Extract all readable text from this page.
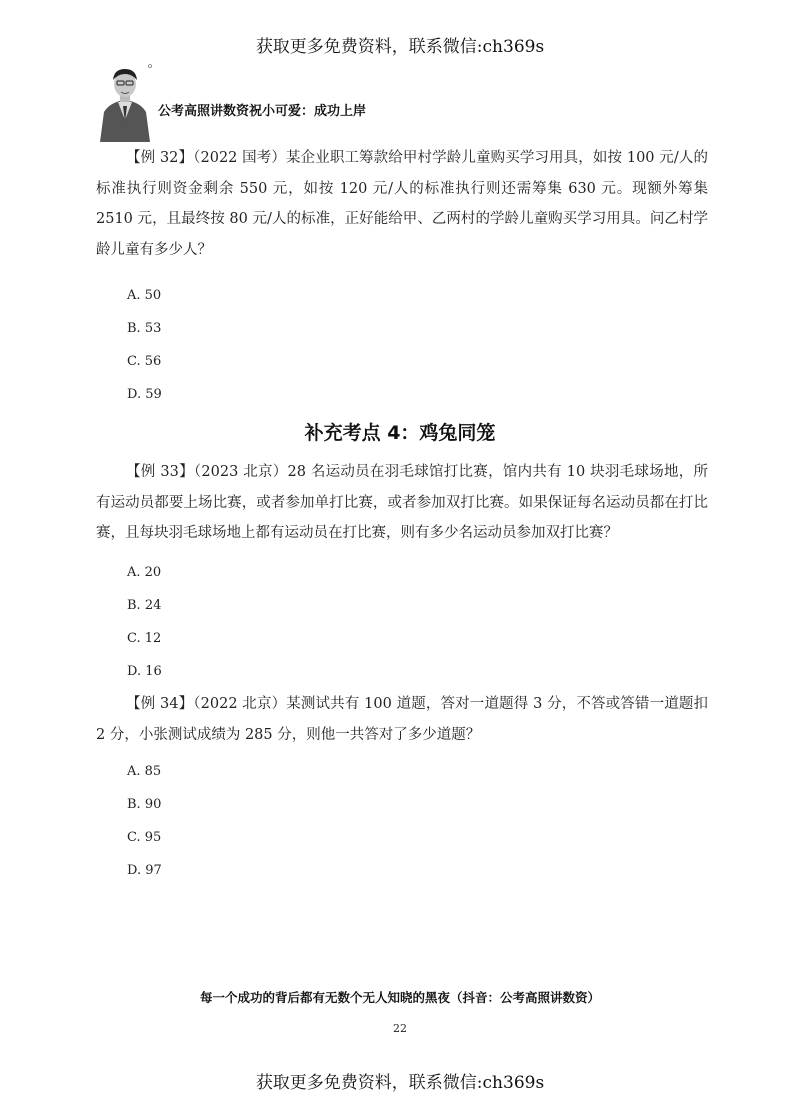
获取更多免费资料，联系微信:ch369s
公考高照讲数资祝小可爱：成功上岸

【例 32】（2022 国考）某企业职工筹款给甲村学龄儿童购买学习用具，如按 100 元/人的标准执行则资金剩余 550 元，如按 120 元/人的标准执行则还需筹集 630 元。现额外筹集 2510 元，且最终按 80 元/人的标准，正好能给甲、乙两村的学龄儿童购买学习用具。问乙村学龄儿童有多少人？

A. 50
B. 53
C. 56
D. 59
补充考点 4：鸡兔同笼

【例 33】（2023 北京）28 名运动员在羽毛球馆打比赛，馆内共有 10 块羽毛球场地，所有运动员都要上场比赛，或者参加单打比赛，或者参加双打比赛。如果保证每名运动员都在打比赛，且每块羽毛球场地上都有运动员在打比赛，则有多少名运动员参加双打比赛？

A. 20
B. 24
C. 12
D. 16

【例 34】（2022 北京）某测试共有 100 道题，答对一道题得 3 分，不答或答错一道题扣 2 分，小张测试成绩为 285 分，则他一共答对了多少道题？

A. 85
B. 90
C. 95
D. 97
每一个成功的背后都有无数个无人知晓的黑夜（抖音：公考高照讲数资）
22
获取更多免费资料，联系微信:ch369s
